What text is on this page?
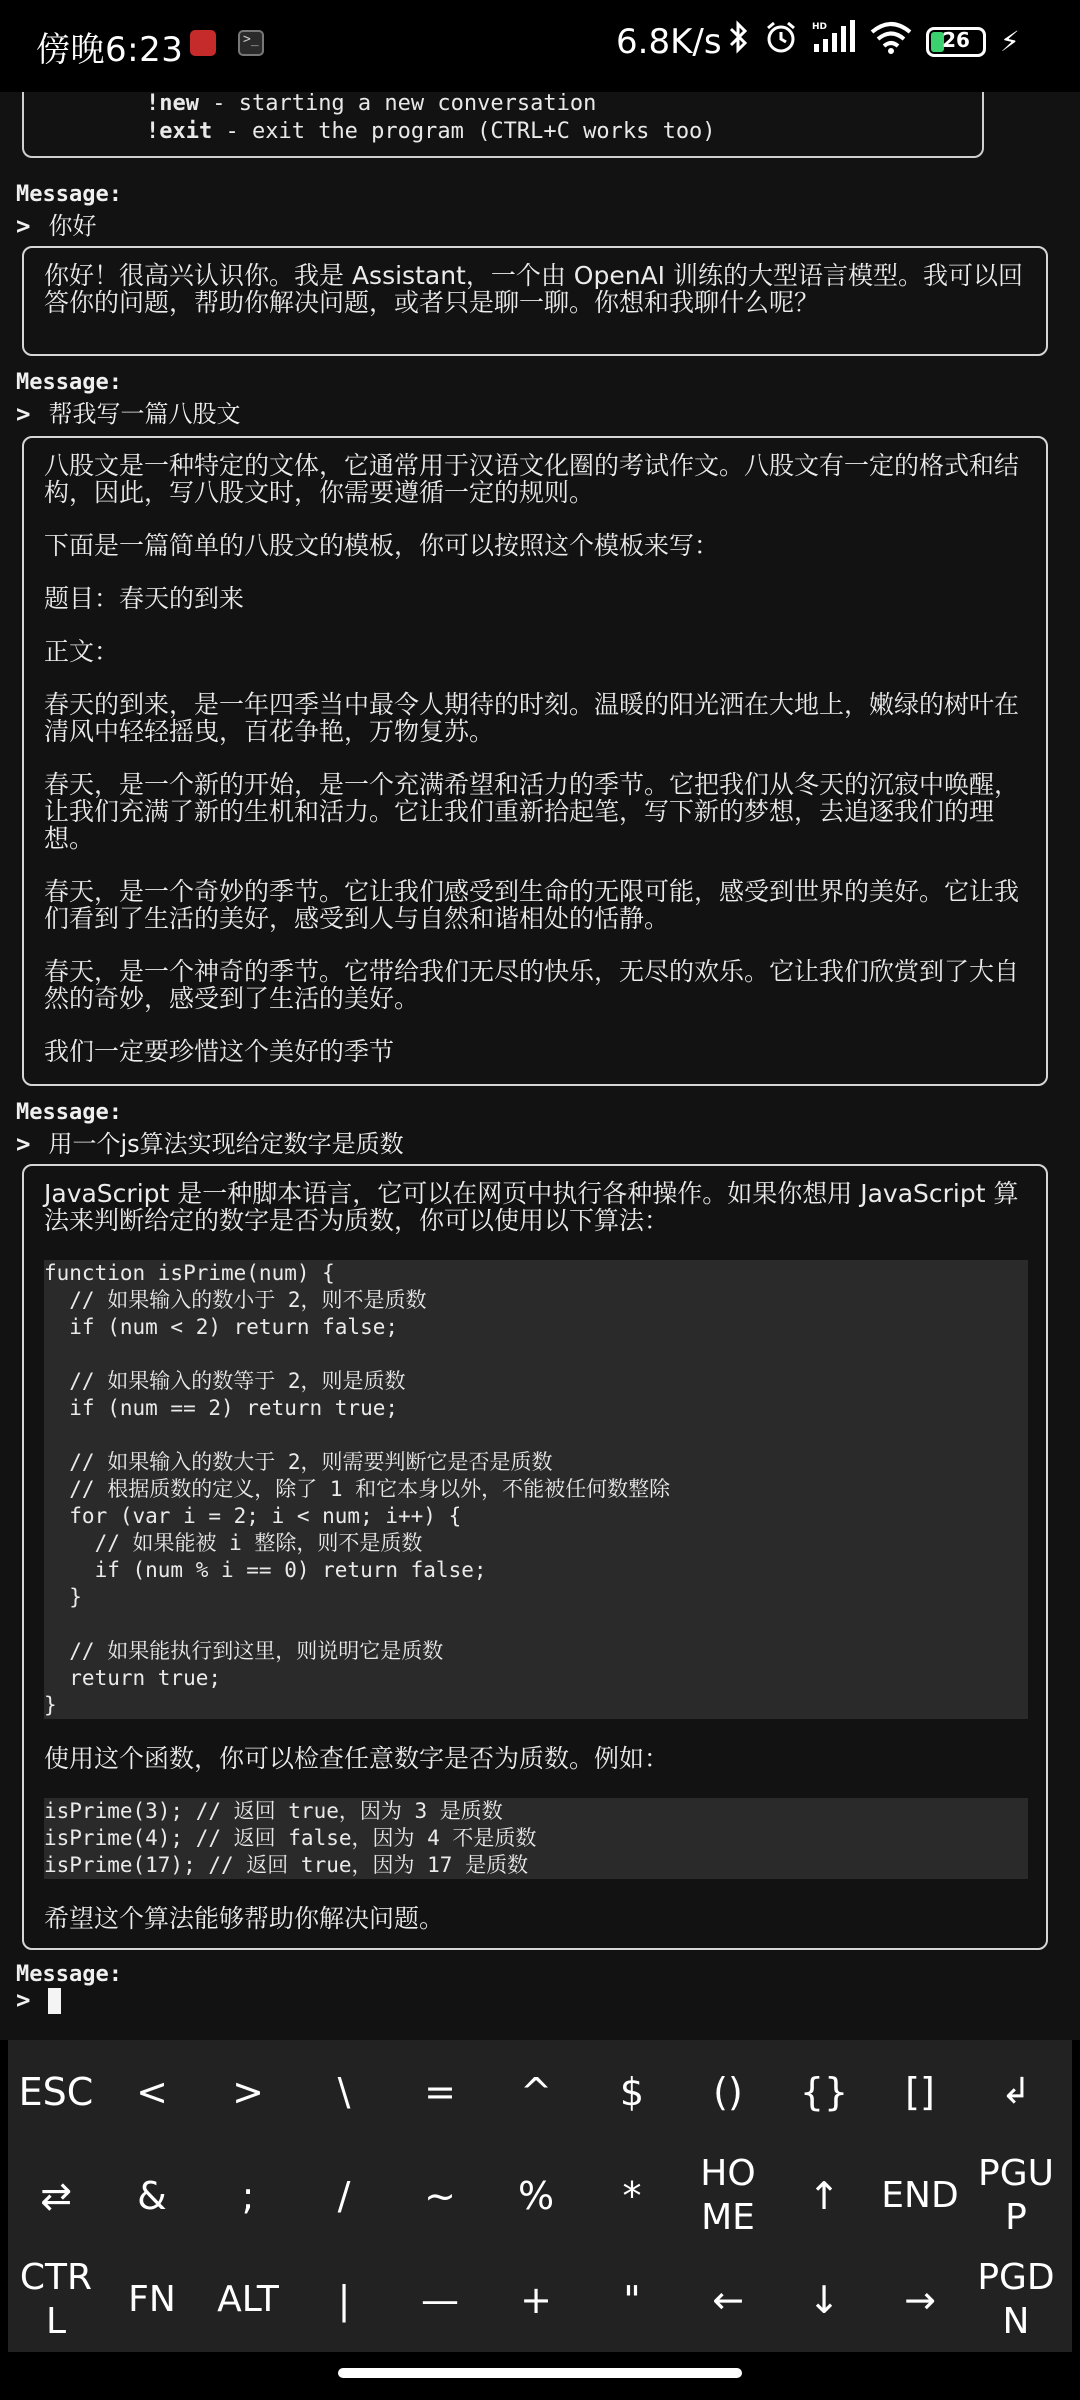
傍晚6:23
>_	6.8K/s	HD
26	⚡
!new - starting a new conversation
!exit - exit the program (CTRL+C works too)
Message:
> 你好

你好！很高兴认识你。我是 Assistant，一个由 OpenAI 训练的大型语言模型。我可以回答你的问题，帮助你解决问题，或者只是聊一聊。你想和我聊什么呢？

Message:
> 帮我写一篇八股文

八股文是一种特定的文体，它通常用于汉语文化圈的考试作文。八股文有一定的格式和结构，因此，写八股文时，你需要遵循一定的规则。

下面是一篇简单的八股文的模板，你可以按照这个模板来写：

题目：春天的到来

正文：

春天的到来，是一年四季当中最令人期待的时刻。温暖的阳光洒在大地上，嫩绿的树叶在清风中轻轻摇曳，百花争艳，万物复苏。

春天，是一个新的开始，是一个充满希望和活力的季节。它把我们从冬天的沉寂中唤醒，让我们充满了新的生机和活力。它让我们重新拾起笔，写下新的梦想，去追逐我们的理想。

春天，是一个奇妙的季节。它让我们感受到生命的无限可能，感受到世界的美好。它让我们看到了生活的美好，感受到人与自然和谐相处的恬静。

春天，是一个神奇的季节。它带给我们无尽的快乐，无尽的欢乐。它让我们欣赏到了大自然的奇妙，感受到了生活的美好。

我们一定要珍惜这个美好的季节

Message:
> 用一个js算法实现给定数字是质数

JavaScript 是一种脚本语言，它可以在网页中执行各种操作。如果你想用 JavaScript 算法来判断给定的数字是否为质数，你可以使用以下算法：

function isPrime(num) {
// 如果输入的数小于 2，则不是质数
if (num < 2) return false;

// 如果输入的数等于 2，则是质数
if (num == 2) return true;

// 如果输入的数大于 2，则需要判断它是否是质数
// 根据质数的定义，除了 1 和它本身以外，不能被任何数整除
for (var i = 2; i < num; i++) {
// 如果能被 i 整除，则不是质数
if (num % i == 0) return false;
}

// 如果能执行到这里，则说明它是质数
return true;
}

使用这个函数，你可以检查任意数字是否为质数。例如：

isPrime(3); // 返回 true，因为 3 是质数
isPrime(4); // 返回 false，因为 4 不是质数
isPrime(17); // 返回 true，因为 17 是质数

希望这个算法能够帮助你解决问题。

Message:
>
ESC	<	>	\	=	^	$	()	{}	[]	↲
⇄	&	;	/	~	%	*
HOME	↑	END
PGUP
CTRL
FN	ALT	|	—	+	"	←	↓	→
PGDN
